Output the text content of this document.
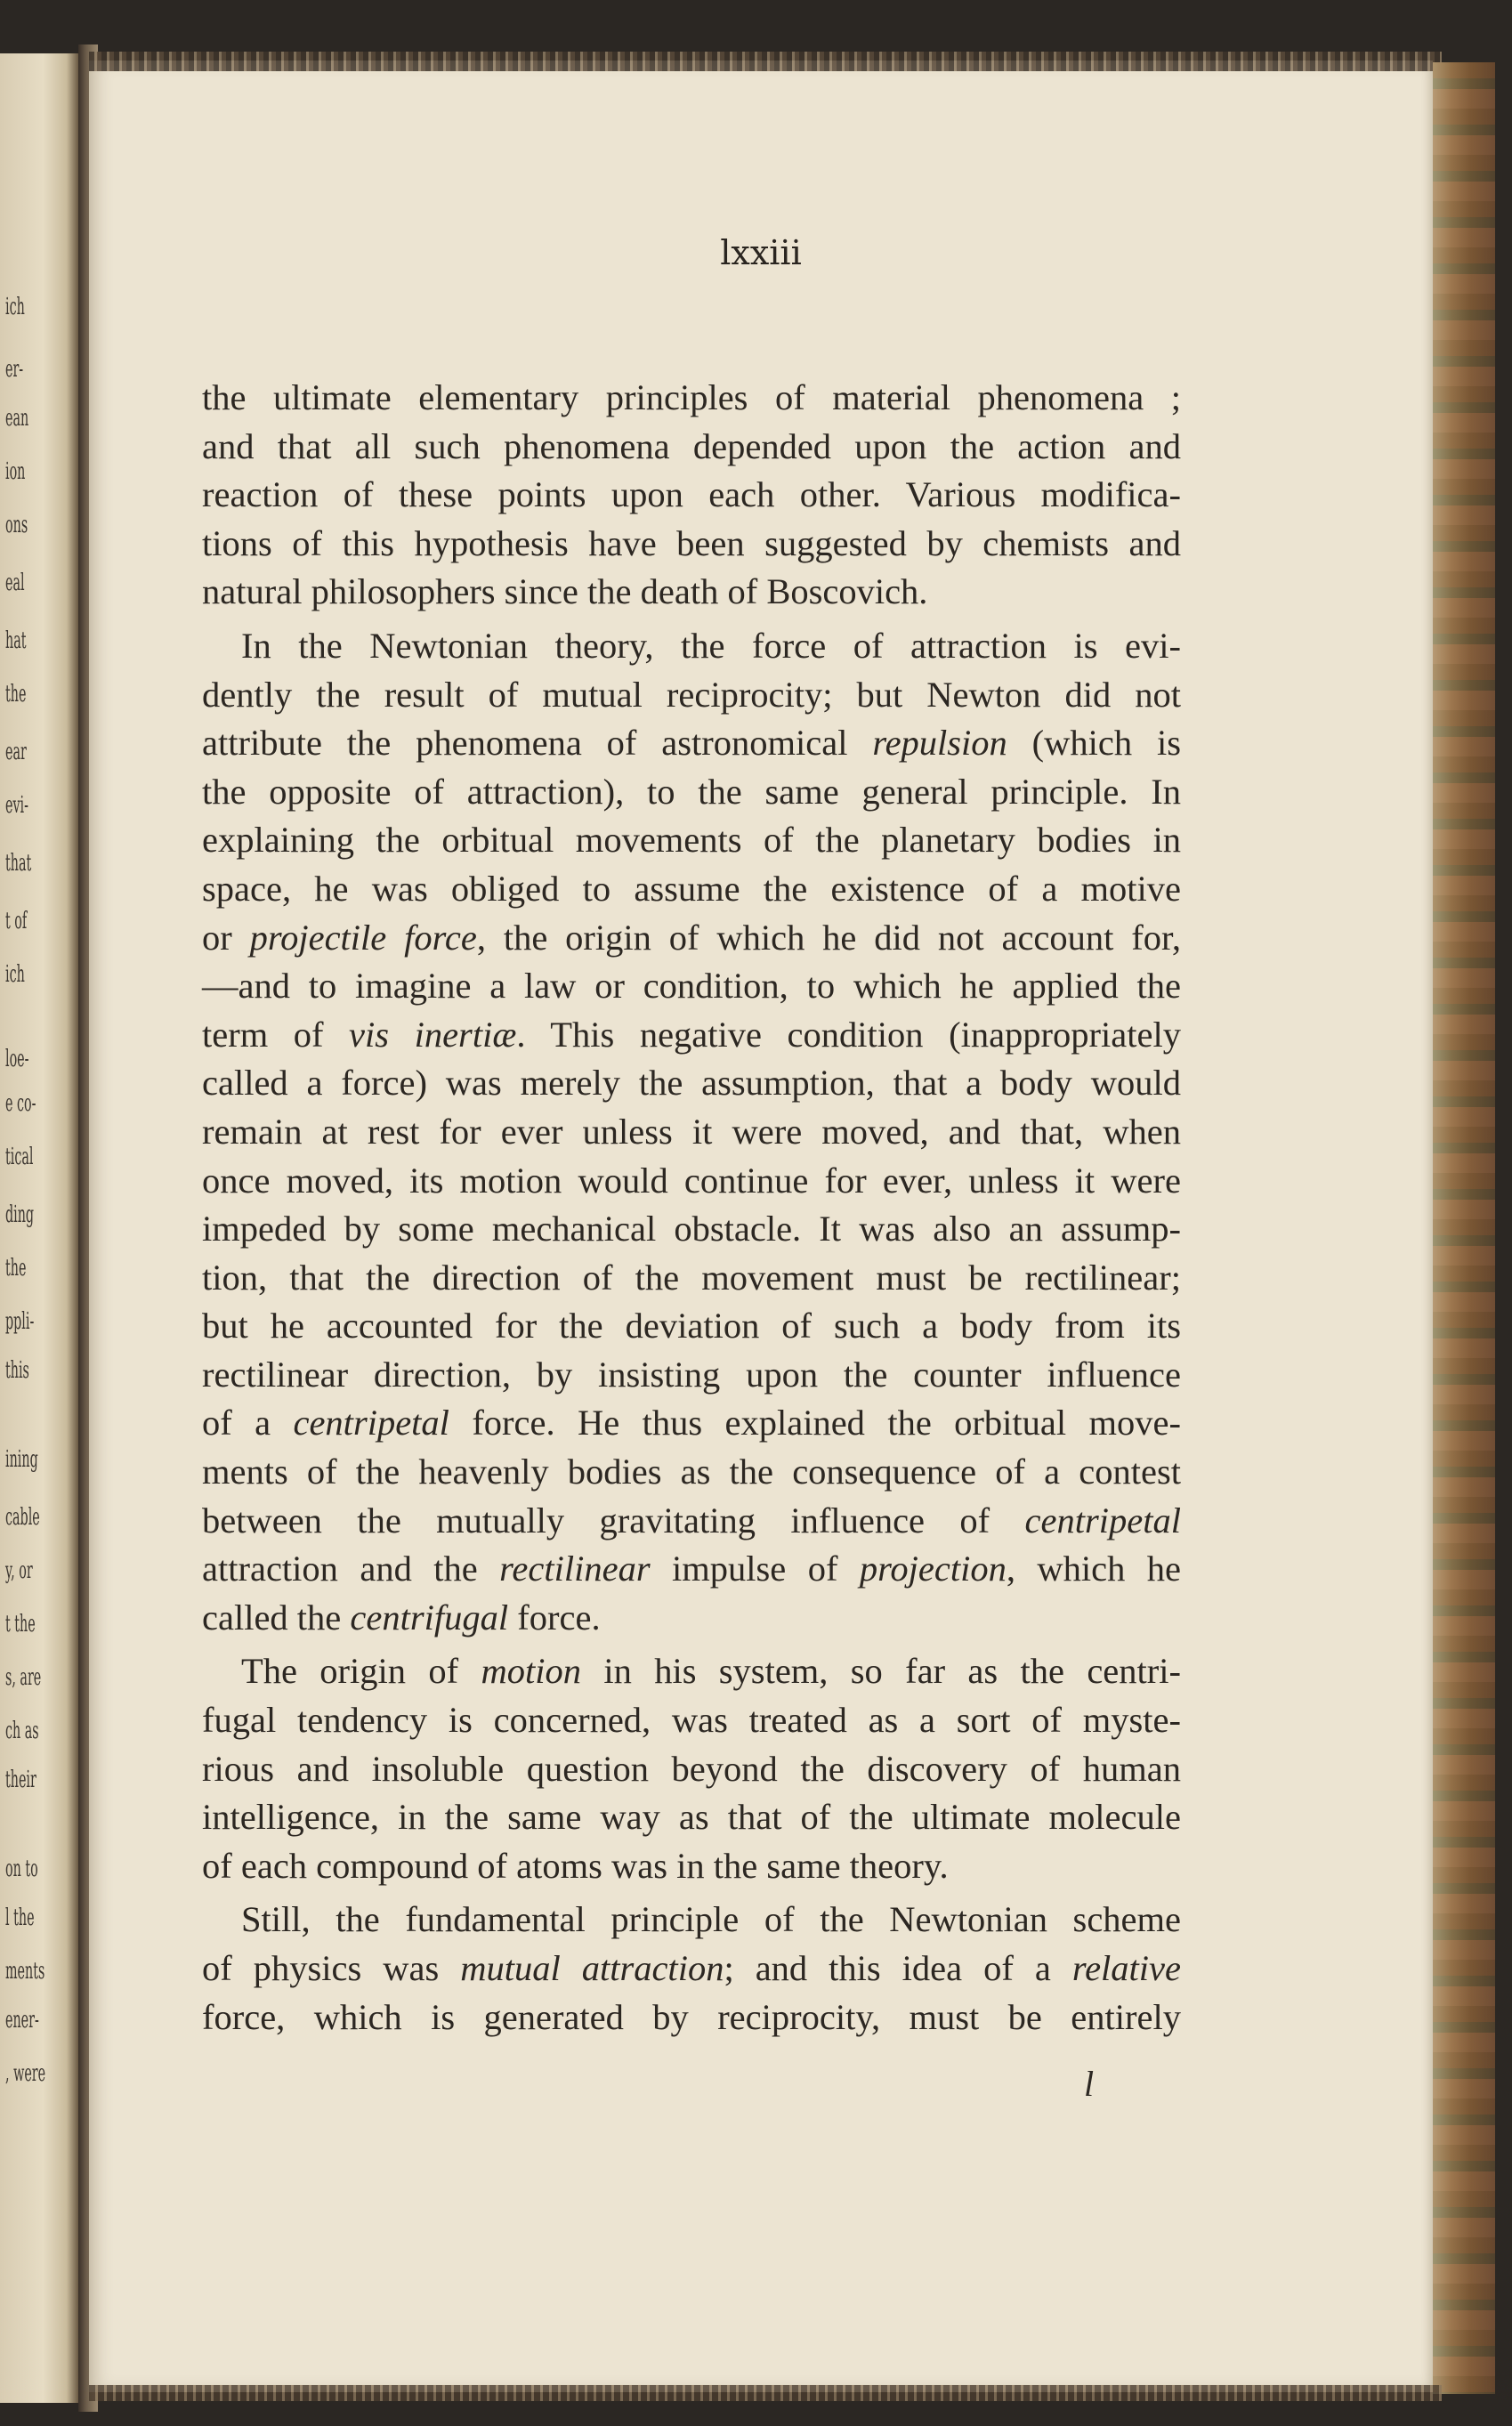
ich
er-
ean
ion
ons
eal
hat
the
ear
evi-
that
t of
ich
loe-
e co-
tical
ding
the
ppli-
this
ining
cable
y, or
t the
s, are
ch as
their
on to
l the
ments
ener-
, were
lxxiii
the ultimate elementary principles of material phenomena ;
and that all such phenomena depended upon the action and
reaction of these points upon each other. Various modifica-
tions of this hypothesis have been suggested by chemists and
natural philosophers since the death of Boscovich.
In the Newtonian theory, the force of attraction is evi-
dently the result of mutual reciprocity; but Newton did not
attribute the phenomena of astronomical repulsion (which is
the opposite of attraction), to the same general principle. In
explaining the orbitual movements of the planetary bodies in
space, he was obliged to assume the existence of a motive
or projectile force, the origin of which he did not account for,
—and to imagine a law or condition, to which he applied the
term of vis inertiæ. This negative condition (inappropriately
called a force) was merely the assumption, that a body would
remain at rest for ever unless it were moved, and that, when
once moved, its motion would continue for ever, unless it were
impeded by some mechanical obstacle. It was also an assump-
tion, that the direction of the movement must be rectilinear;
but he accounted for the deviation of such a body from its
rectilinear direction, by insisting upon the counter influence
of a centripetal force. He thus explained the orbitual move-
ments of the heavenly bodies as the consequence of a contest
between the mutually gravitating influence of centripetal
attraction and the rectilinear impulse of projection, which he
called the centrifugal force.
The origin of motion in his system, so far as the centri-
fugal tendency is concerned, was treated as a sort of myste-
rious and insoluble question beyond the discovery of human
intelligence, in the same way as that of the ultimate molecule
of each compound of atoms was in the same theory.
Still, the fundamental principle of the Newtonian scheme
of physics was mutual attraction; and this idea of a relative
force, which is generated by reciprocity, must be entirely
l
